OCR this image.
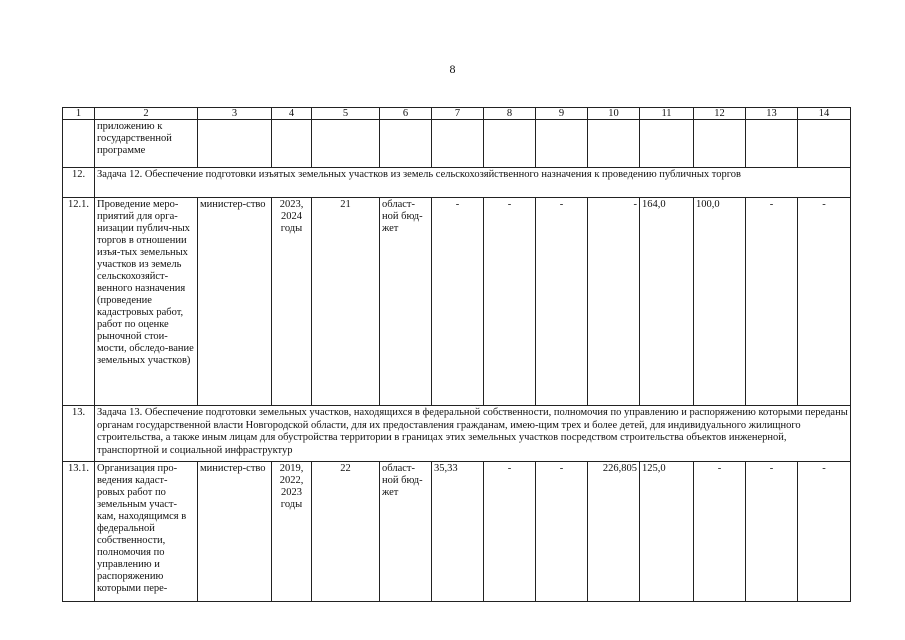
8
1	2	3	4	5	6	7	8	9	10	11	12	13	14
	приложению к государственной программе												
12.	Задача 12. Обеспечение подготовки изъятых земельных участков из земель сельскохозяйственного назначения к проведению публичных торгов												
12.1.	Проведение меро-приятий для орга-низации публич-ных торгов в отношении изъя-тых земельных участков из земель сельскохозяйст-венного назначения (проведение кадастровых работ, работ по оценке рыночной стои-мости, обследо-вание земельных участков)	министер-ство	2023, 2024 годы	21	област-ной бюд-жет	-	-	-	-	164,0	100,0	-	-
13.	Задача 13. Обеспечение подготовки земельных участков, находящихся в федеральной собственности, полномочия по управлению и распоряжению которыми переданы органам государственной власти Новгородской области, для их предоставления гражданам, имею-щим трех и более детей, для индивидуального жилищного строительства, а также иным лицам для обустройства территории в границах этих земельных участков посредством строительства объектов инженерной, транспортной и социальной инфраструктур												
13.1.	Организация про-ведения кадаст-ровых работ по земельным участ-кам, находящимся в федеральной собственности, полномочия по управлению и распоряжению которыми пере-	министер-ство	2019, 2022, 2023 годы	22	област-ной бюд-жет	35,33	-	-	226,805	125,0	-	-	-
